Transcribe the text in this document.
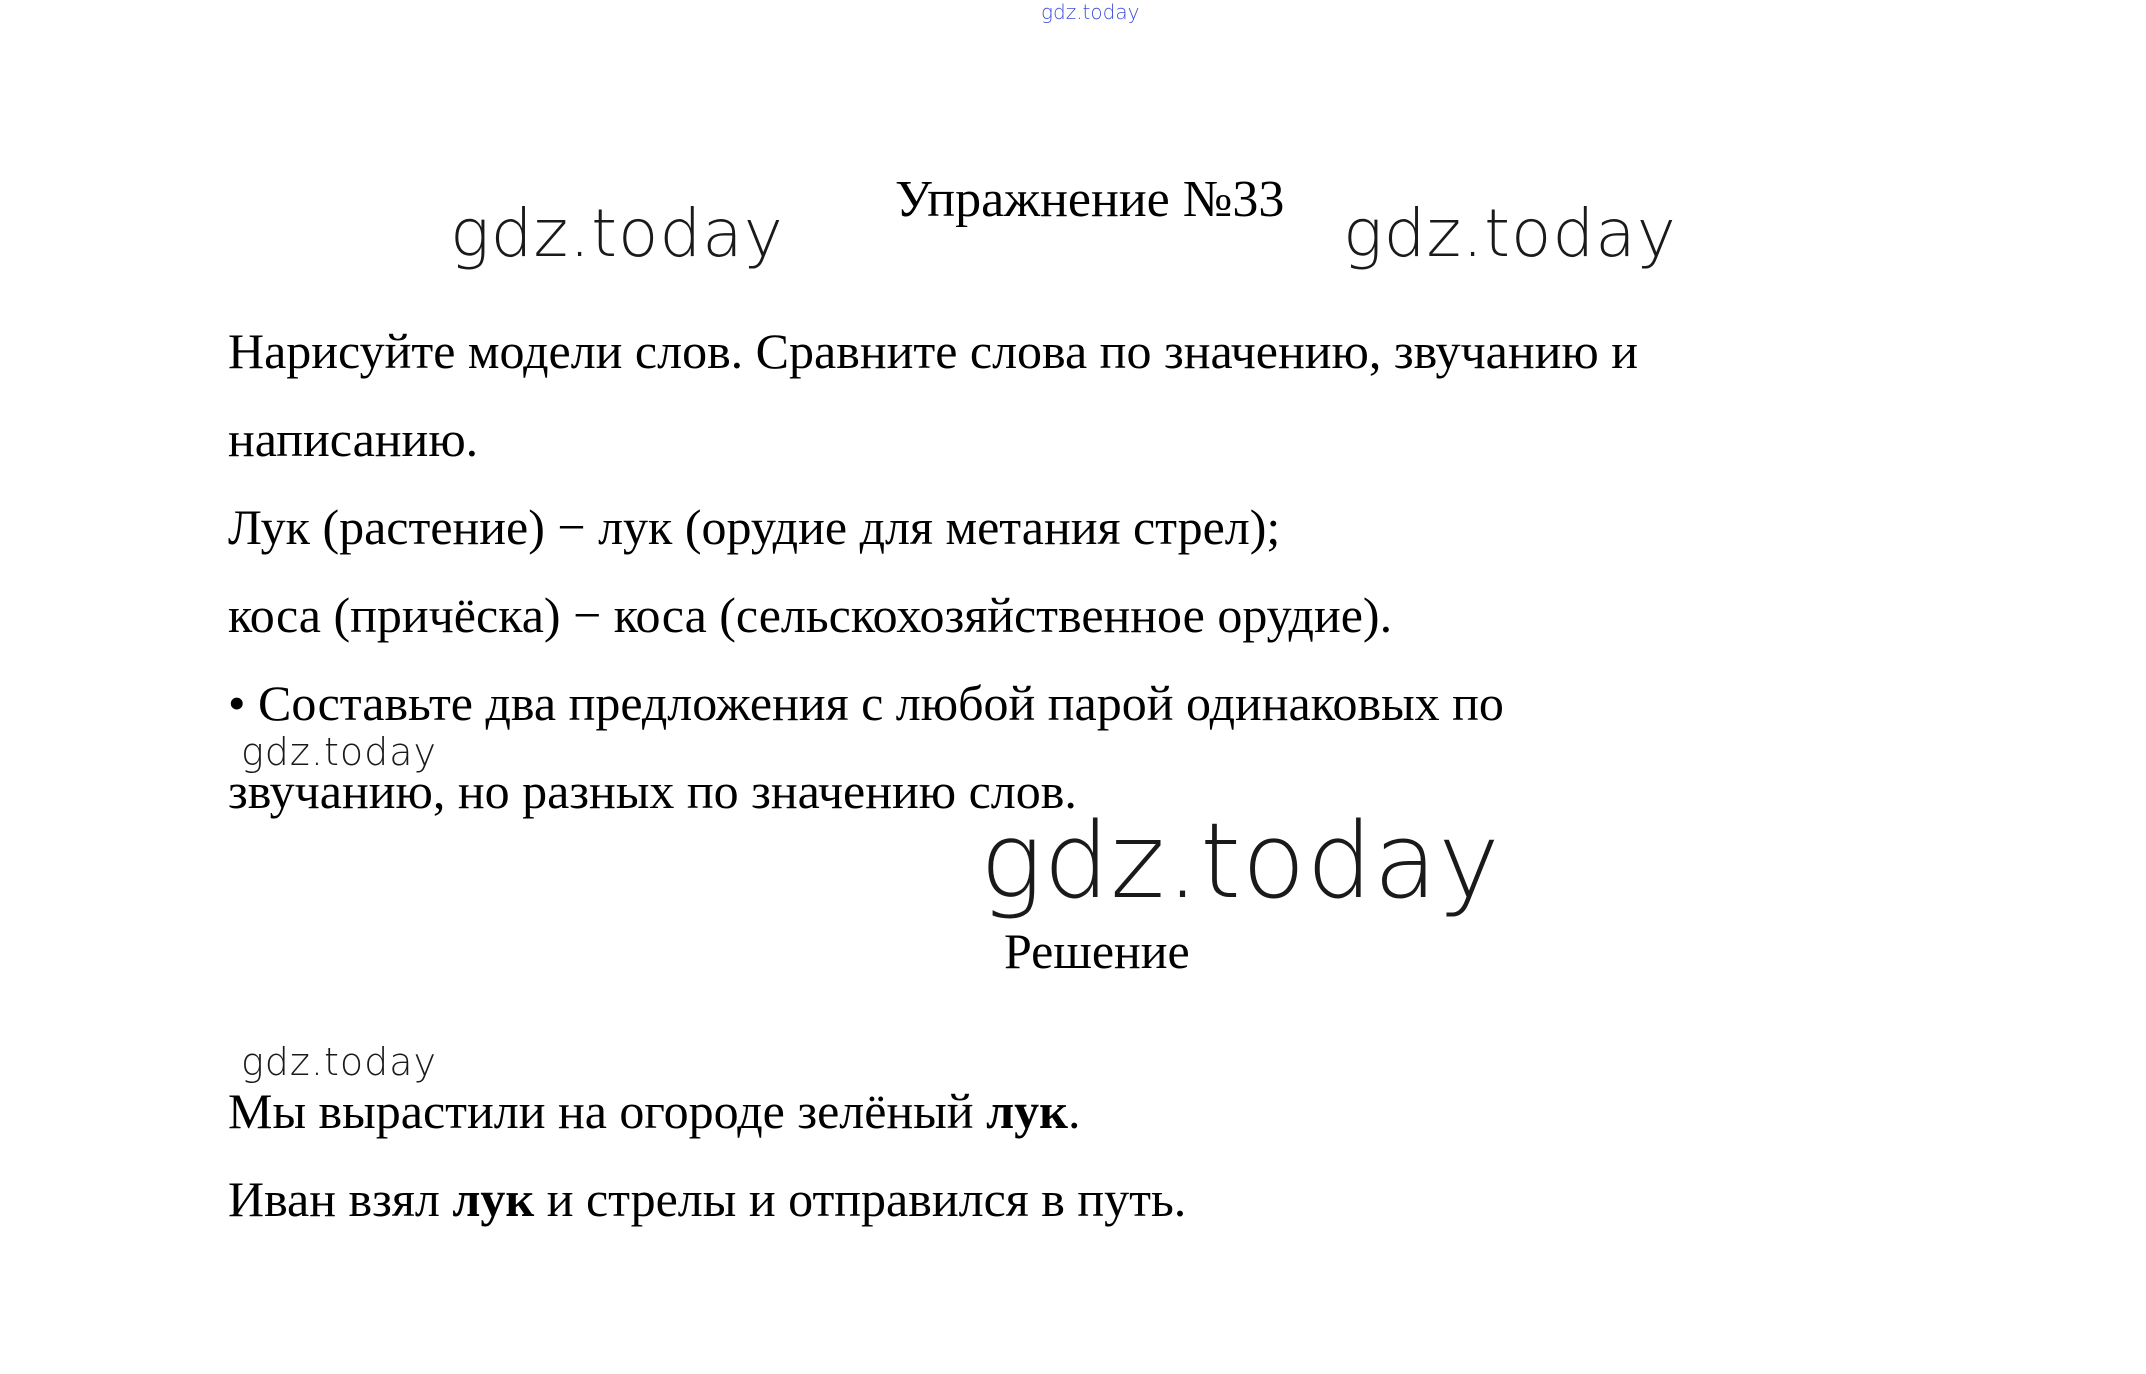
gdz.today
gdz.today	gdz.today
Упражнение №33
Нарисуйте модели слов. Сравните слова по значению, звучанию и
написанию.
Лук (растение) − лук (орудие для метания стрел);
коса (причёска) − коса (сельскохозяйственное орудие).
• Составьте два предложения с любой парой одинаковых по
gdz.today
звучанию, но разных по значению слов.
gdz.today
Решение
gdz.today
Мы вырастили на огороде зелёный лук.
Иван взял лук и стрелы и отправился в путь.
